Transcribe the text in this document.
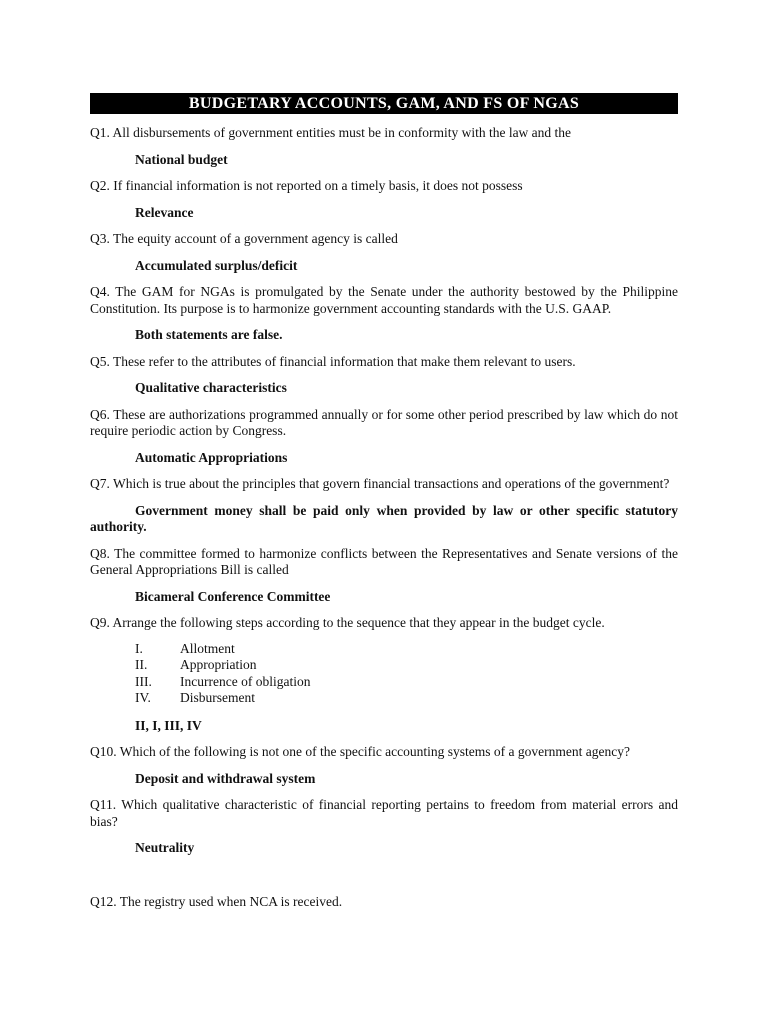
BUDGETARY ACCOUNTS, GAM, AND FS OF NGAS

Q1. All disbursements of government entities must be in conformity with the law and the

National budget

Q2. If financial information is not reported on a timely basis, it does not possess

Relevance

Q3. The equity account of a government agency is called

Accumulated surplus/deficit

Q4. The GAM for NGAs is promulgated by the Senate under the authority bestowed by the Philippine Constitution. Its purpose is to harmonize government accounting standards with the U.S. GAAP.

Both statements are false.

Q5. These refer to the attributes of financial information that make them relevant to users.

Qualitative characteristics

Q6. These are authorizations programmed annually or for some other period prescribed by law which do not require periodic action by Congress.

Automatic Appropriations

Q7. Which is true about the principles that govern financial transactions and operations of the government?

Government money shall be paid only when provided by law or other specific statutory authority.

Q8. The committee formed to harmonize conflicts between the Representatives and Senate versions of the General Appropriations Bill is called

Bicameral Conference Committee

Q9. Arrange the following steps according to the sequence that they appear in the budget cycle.

I.	Allotment
II.	Appropriation
III.	Incurrence of obligation
IV.	Disbursement

II, I, III, IV

Q10. Which of the following is not one of the specific accounting systems of a government agency?

Deposit and withdrawal system

Q11. Which qualitative characteristic of financial reporting pertains to freedom from material errors and bias?

Neutrality

Q12. The registry used when NCA is received.
